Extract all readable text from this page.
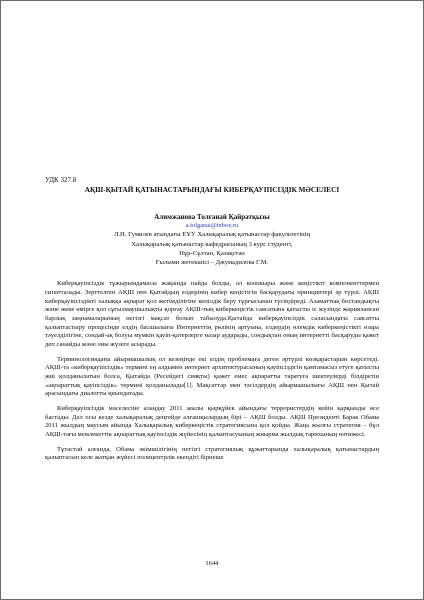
УДК 327.8

АҚШ-ҚЫТАЙ ҚАТЫНАСТАРЫНДАҒЫ КИБЕРҚАУІПСІЗДІК МӘСЕЛЕСІ
Алимжанова Толғанай Қайратқызы
a.tolganai@inbox.ru
Л.Н. Гумилев атындағы ЕҰУ Халықаралық қатынастар факультетінің
Халықаралық қатынастар кафедрасының 3 курс студенті,
Нұр-Сұлтан, Қазақстан
Ғылыми жетекшісі – Джумадилова Г.М.

Киберқауіпсіздік тұжырымдамасы жақында пайда болды, ол коопкыры және кеңістікті компоненттермен сипатталады. Зерттелген АҚШ пен Қытайдың елдерінің кибер кеңістігін басқарудағы принциптері әр түрлі. АҚШ киберқауіпсіздікті халыққа ақпарат қол жетімділігіне кепілдік беру тұрғысынан түсіндіреді. Азаматтық бостандықты және жеке өмірге қол сұғылмаушылықты қорғау АҚШ-тың киберкеңістік саясатына қатысты іс жүзінде жарияланған барлық заңнамаларының негізгі мақсат болып табылуда.Қытайда киберқауіпсіздік саласындағы саясатты қалыптастыру процесінде елдің басшылығы Интернеттің рөлінің артуына, елдердің өлемдік киберкеңістікті өзара тәуелділігіне, сондай-ақ болуы мүмкін қауіп-қатерлерге назар аударады, сондықтан оның интернетті басқаруды қажет деп санайды және оны жүзеге асырады.

Терминологиядағы айырмашылық ол кезеңінде екі елдің проблемаға деген әртүрлі көзқарастарын көрсетеді. АҚШ-та «киберқауіпсіздік» термині ең алдымен интернет архитектурасының қауіпсіздігін қамтамасыз етуге қатысты жиі қолданылатын болса, Қытайда (Ресейдегі сияқты) қажет емес ақпаратты таратуға шектеулерді білдіретін «ақпараттық қауіпсіздік» термині қолданылады[1]. Мақсаттар мен тәсілдердің айырмашылығы АҚШ пен Қытай арасындағы диалогты қиындатады.

Киберқауіпсіздік мәселесіне алаңдау 2011 жылы қырқүйек айындағы террористердің кейін қарқынды өсе бастады. Дәл осы кезде халықаралық деңгейде алғашқылардың бірі – АҚШ болды. АҚШ Президенті Барак Обама 2011 жылдың маусым айында Халықаралық киберкеңістік стратегиясына қол қойды. Жаңа жылғы стратегия – бұл АҚШ-тағы мемлекеттік ақпараттық қауіпсіздік жүйесінің қалыптасуының жиырма жылдық тарихының нәтижесі.

Тұтастай алғанда, Обама әкімшілігінің негізгі стратегиялық құжаттарында халықаралық қатынастардың қалыптасып келе жатқан жүйесі полицентрлік екендігі бірнеше

1644
